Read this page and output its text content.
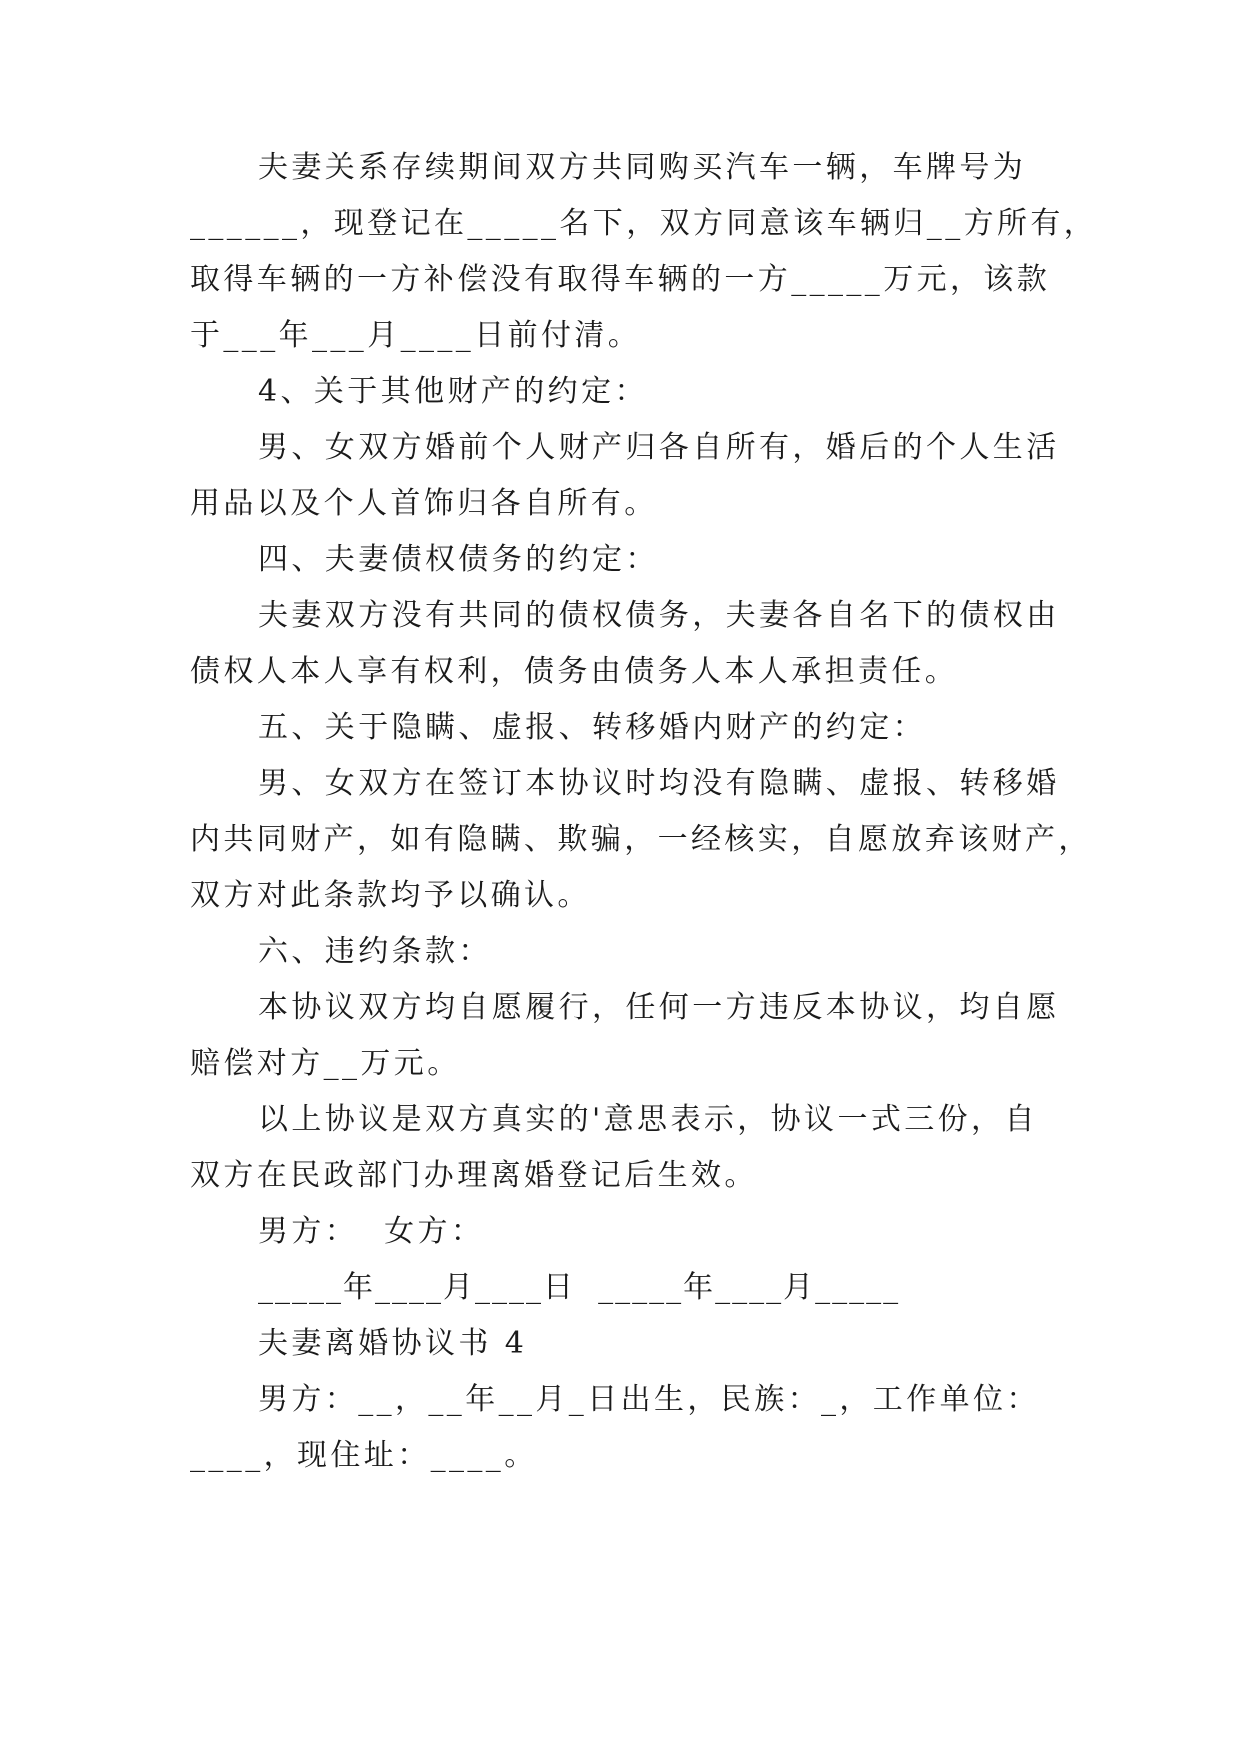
夫妻关系存续期间双方共同购买汽车一辆，车牌号为
______，现登记在_____名下，双方同意该车辆归__方所有，
取得车辆的一方补偿没有取得车辆的一方_____万元，该款
于___年___月____日前付清。
4、关于其他财产的约定：
男、女双方婚前个人财产归各自所有，婚后的个人生活
用品以及个人首饰归各自所有。
四、夫妻债权债务的约定：
夫妻双方没有共同的债权债务，夫妻各自名下的债权由
债权人本人享有权利，债务由债务人本人承担责任。
五、关于隐瞒、虚报、转移婚内财产的约定：
男、女双方在签订本协议时均没有隐瞒、虚报、转移婚
内共同财产，如有隐瞒、欺骗，一经核实，自愿放弃该财产，
双方对此条款均予以确认。
六、违约条款：
本协议双方均自愿履行，任何一方违反本协议，均自愿
赔偿对方__万元。
以上协议是双方真实的'意思表示，协议一式三份，自
双方在民政部门办理离婚登记后生效。
男方：  女方：
_____年____月____日  _____年____月_____
夫妻离婚协议书 4
男方：__，__年__月_日出生，民族：_，工作单位：
____，现住址：____。
